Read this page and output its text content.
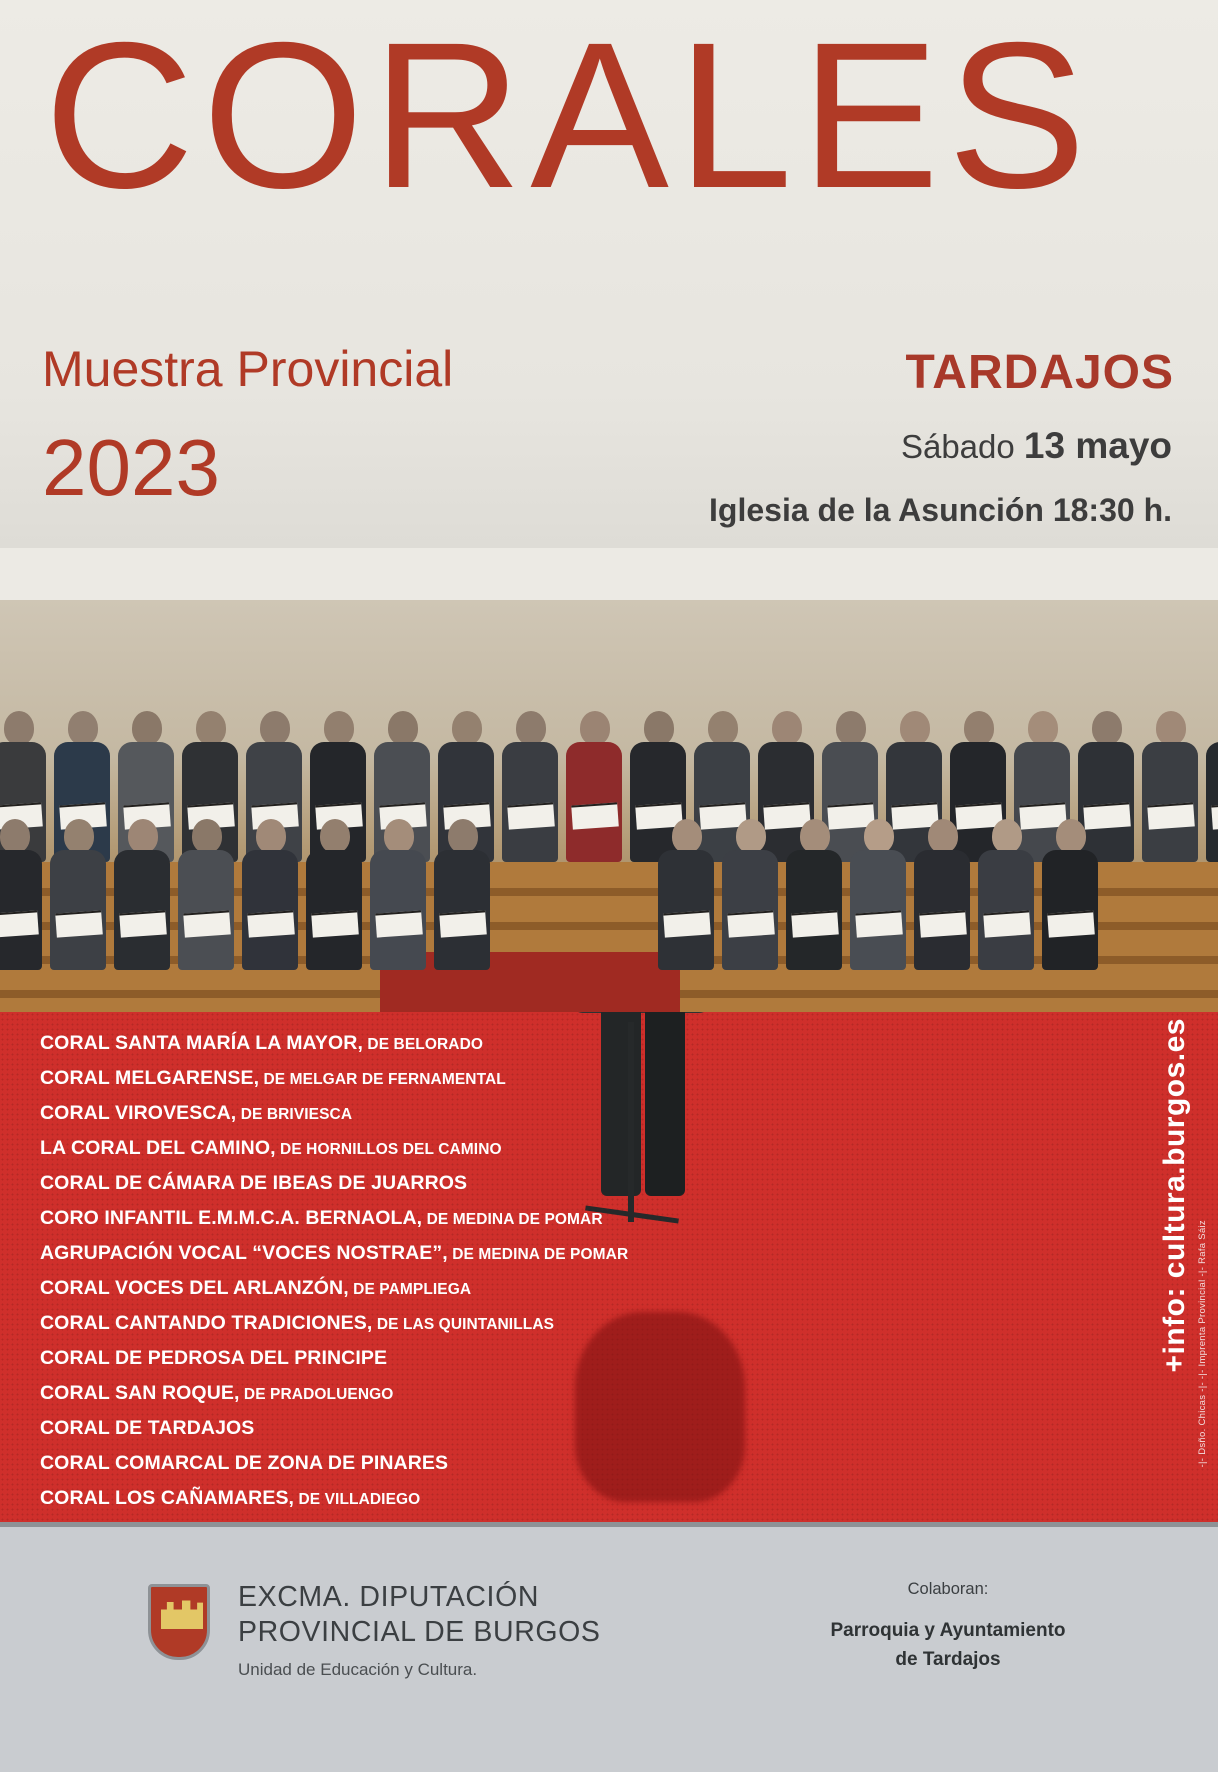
CORALES
Muestra Provincial
2023
TARDAJOS
Sábado 13 mayo
Iglesia de la Asunción 18:30 h.
CORAL SANTA MARÍA LA MAYOR, DE BELORADO
CORAL MELGARENSE, DE MELGAR DE FERNAMENTAL
CORAL VIROVESCA, DE BRIVIESCA
LA CORAL DEL CAMINO, DE HORNILLOS DEL CAMINO
CORAL DE CÁMARA DE IBEAS DE JUARROS
CORO INFANTIL E.M.M.C.A. BERNAOLA, DE MEDINA DE POMAR
AGRUPACIÓN VOCAL “VOCES NOSTRAE”, DE MEDINA DE POMAR
CORAL VOCES DEL ARLANZÓN, DE PAMPLIEGA
CORAL CANTANDO TRADICIONES, DE LAS QUINTANILLAS
CORAL DE PEDROSA DEL PRINCIPE
CORAL SAN ROQUE, DE PRADOLUENGO
CORAL DE TARDAJOS
CORAL COMARCAL DE ZONA DE PINARES
CORAL LOS CAÑAMARES, DE VILLADIEGO
+info: cultura.burgos.es -|- Dsño. Chicas -|- -|- Imprenta Provincial -|- Rafa Sáiz
EXCMA. DIPUTACIÓN
PROVINCIAL DE BURGOS
Unidad de Educación y Cultura.
Colaboran:
Parroquia y Ayuntamiento
de Tardajos
